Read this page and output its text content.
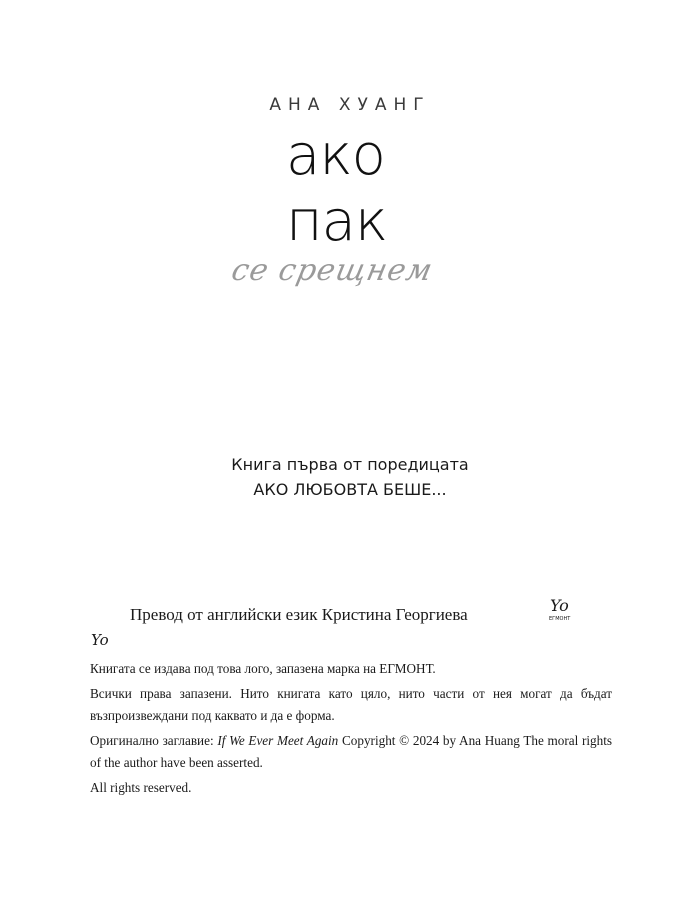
АНА ХУАНГ
ако
пак
се срещнем
Книга първа от поредицата
АКО ЛЮБОВТА БЕШЕ...
Превод от английски език Кристина Георгиева	Yo
ЕГМОНТ
Yo

Книгата се издава под това лого, запазена марка на ЕГМОНТ.

Всички права запазени. Нито книгата като цяло, нито части от нея могат да бъдат възпроизвеждани под каквато и да е форма.

Оригинално заглавие: If We Ever Meet Again Copyright © 2024 by Ana Huang The moral rights of the author have been asserted.

All rights reserved.
